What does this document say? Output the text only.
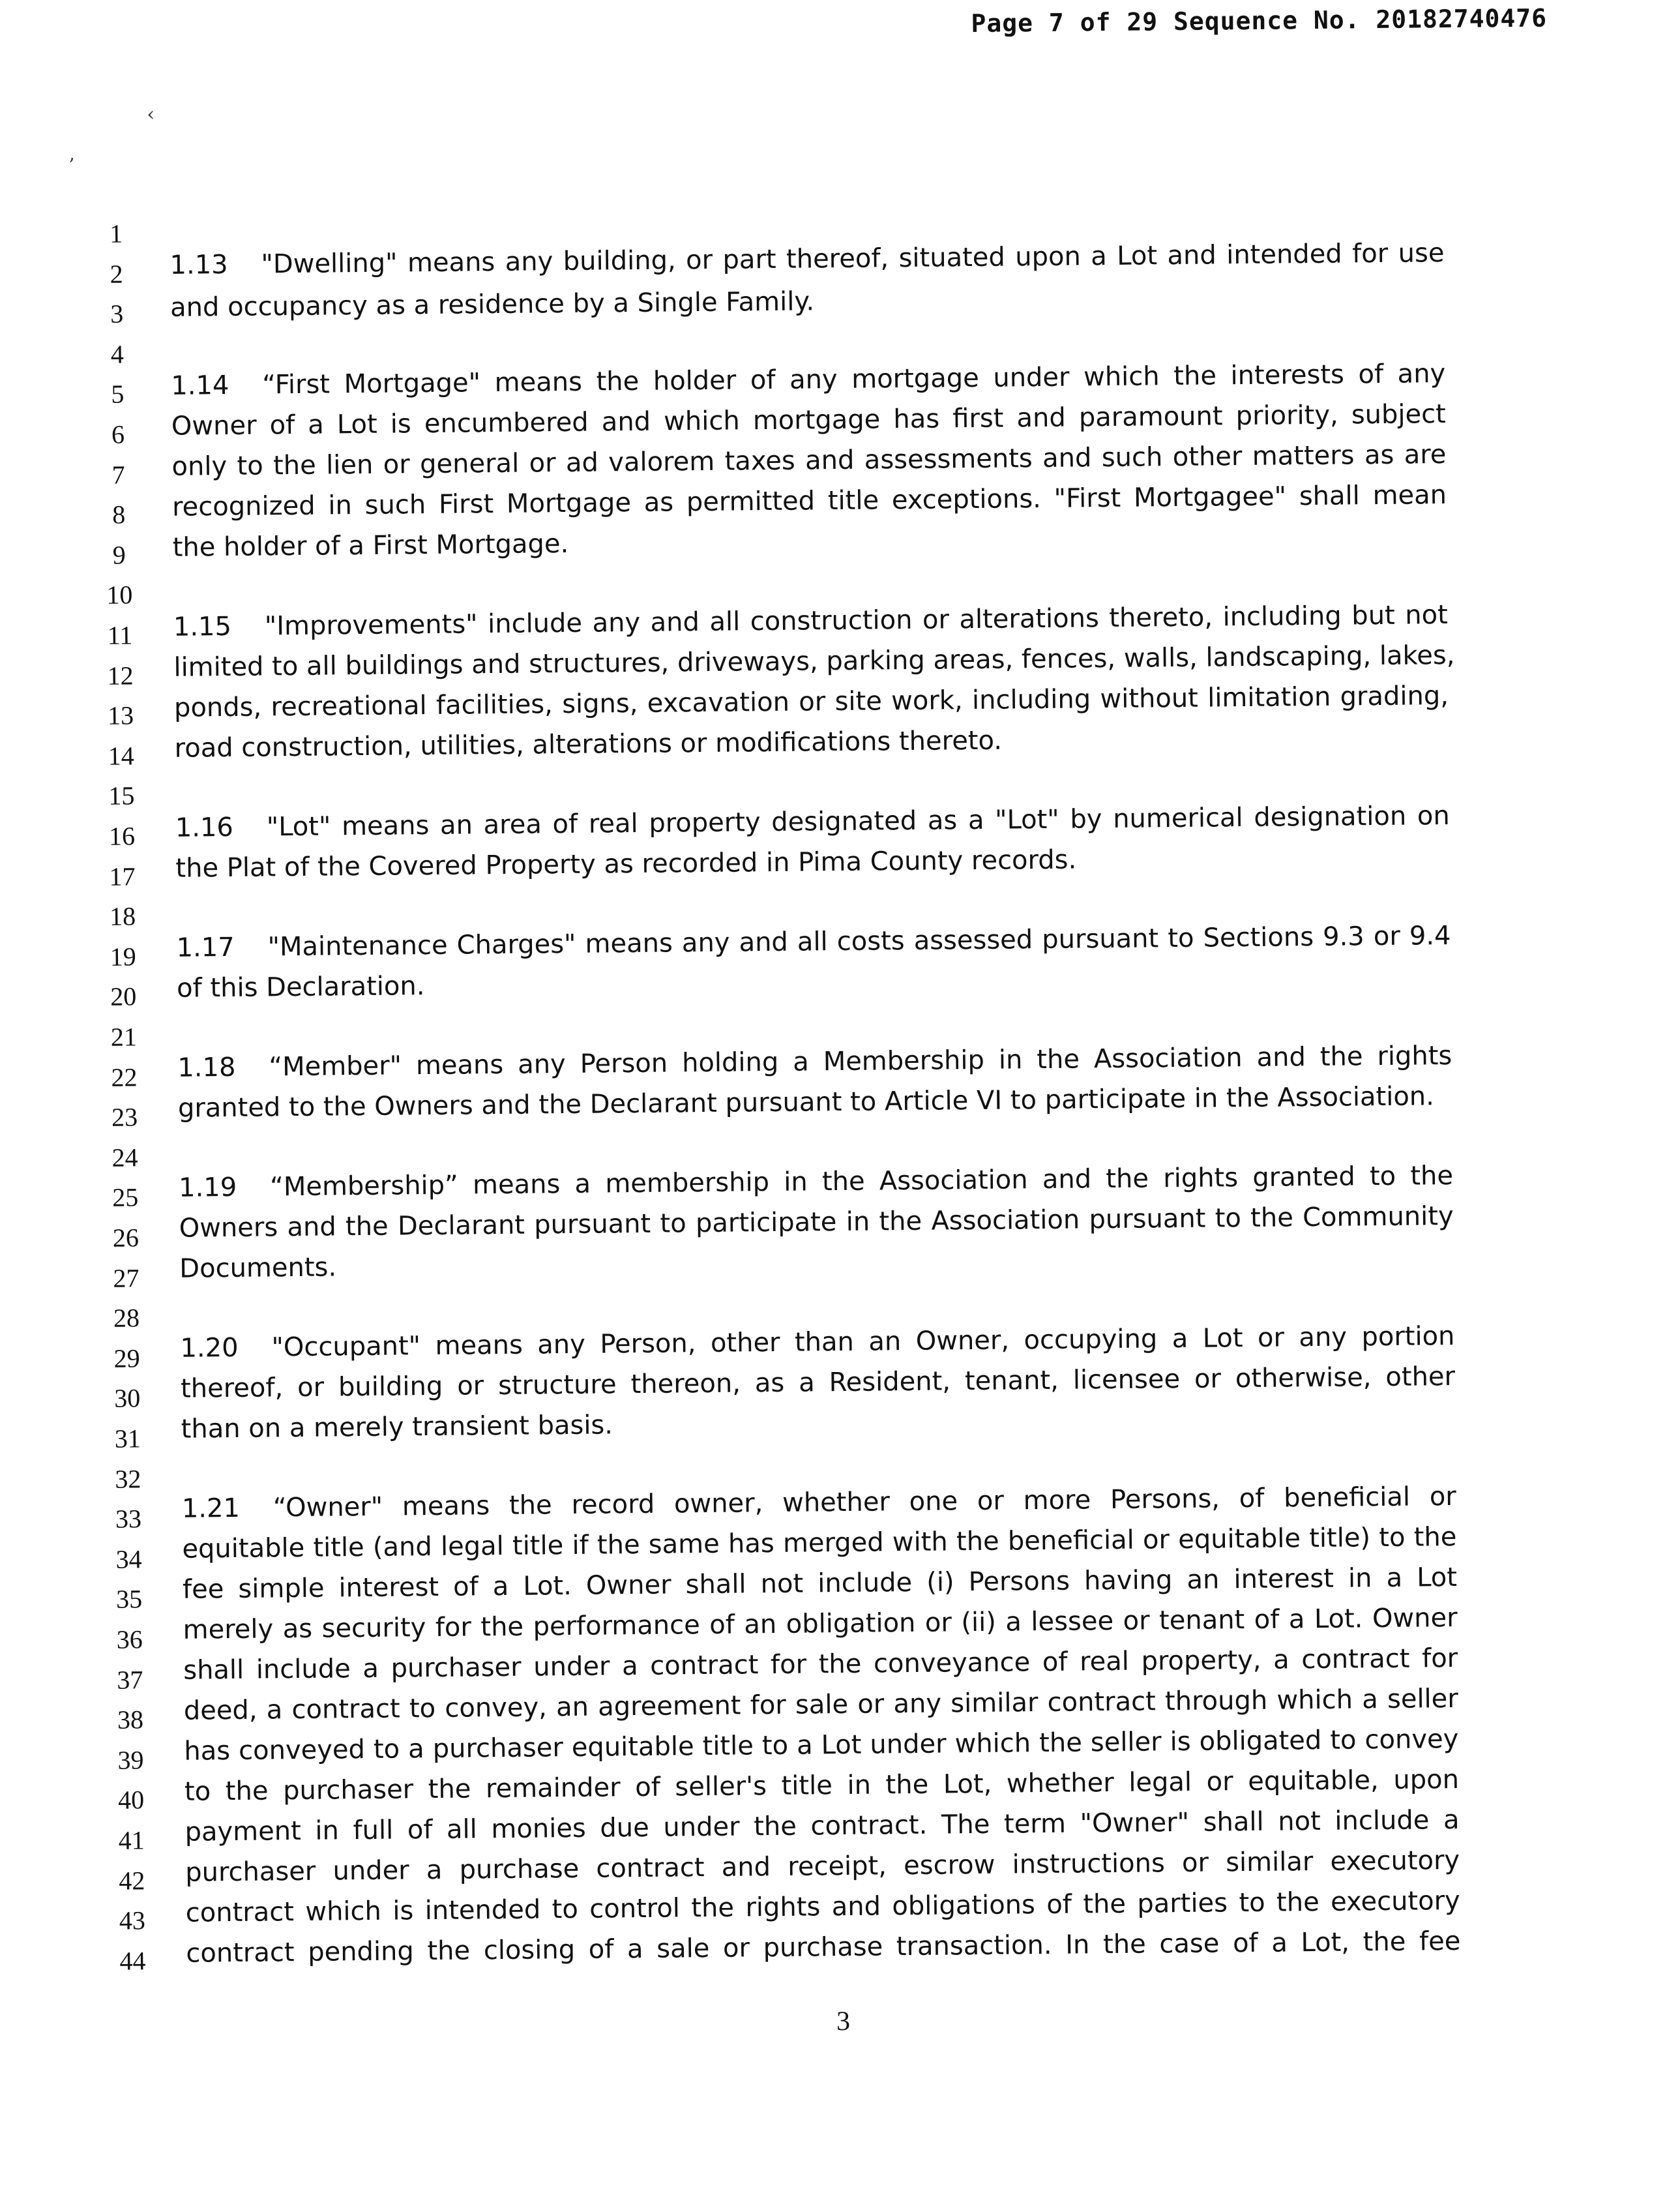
Page 7 of 29 Sequence No. 20182740476
‹
,
1
2
3
4
5
6
7
8
9
10
11
12
13
14
15
16
17
18
19
20
21
22
23
24
25
26
27
28
29
30
31
32
33
34
35
36
37
38
39
40
41
42
43
44
1.13 "Dwelling" means any building, or part thereof, situated upon a Lot and intended for use
and occupancy as a residence by a Single Family.
1.14 “First Mortgage" means the holder of any mortgage under which the interests of any
Owner of a Lot is encumbered and which mortgage has first and paramount priority, subject
only to the lien or general or ad valorem taxes and assessments and such other matters as are
recognized in such First Mortgage as permitted title exceptions. "First Mortgagee" shall mean
the holder of a First Mortgage.
1.15 "Improvements" include any and all construction or alterations thereto, including but not
limited to all buildings and structures, driveways, parking areas, fences, walls, landscaping, lakes,
ponds, recreational facilities, signs, excavation or site work, including without limitation grading,
road construction, utilities, alterations or modifications thereto.
1.16 "Lot" means an area of real property designated as a "Lot" by numerical designation on
the Plat of the Covered Property as recorded in Pima County records.
1.17 "Maintenance Charges" means any and all costs assessed pursuant to Sections 9.3 or 9.4
of this Declaration.
1.18 “Member" means any Person holding a Membership in the Association and the rights
granted to the Owners and the Declarant pursuant to Article VI to participate in the Association.
1.19 “Membership” means a membership in the Association and the rights granted to the
Owners and the Declarant pursuant to participate in the Association pursuant to the Community
Documents.
1.20 "Occupant" means any Person, other than an Owner, occupying a Lot or any portion
thereof, or building or structure thereon, as a Resident, tenant, licensee or otherwise, other
than on a merely transient basis.
1.21 “Owner" means the record owner, whether one or more Persons, of beneficial or
equitable title (and legal title if the same has merged with the beneficial or equitable title) to the
fee simple interest of a Lot. Owner shall not include (i) Persons having an interest in a Lot
merely as security for the performance of an obligation or (ii) a lessee or tenant of a Lot. Owner
shall include a purchaser under a contract for the conveyance of real property, a contract for
deed, a contract to convey, an agreement for sale or any similar contract through which a seller
has conveyed to a purchaser equitable title to a Lot under which the seller is obligated to convey
to the purchaser the remainder of seller's title in the Lot, whether legal or equitable, upon
payment in full of all monies due under the contract. The term "Owner" shall not include a
purchaser under a purchase contract and receipt, escrow instructions or similar executory
contract which is intended to control the rights and obligations of the parties to the executory
contract pending the closing of a sale or purchase transaction. In the case of a Lot, the fee
3
